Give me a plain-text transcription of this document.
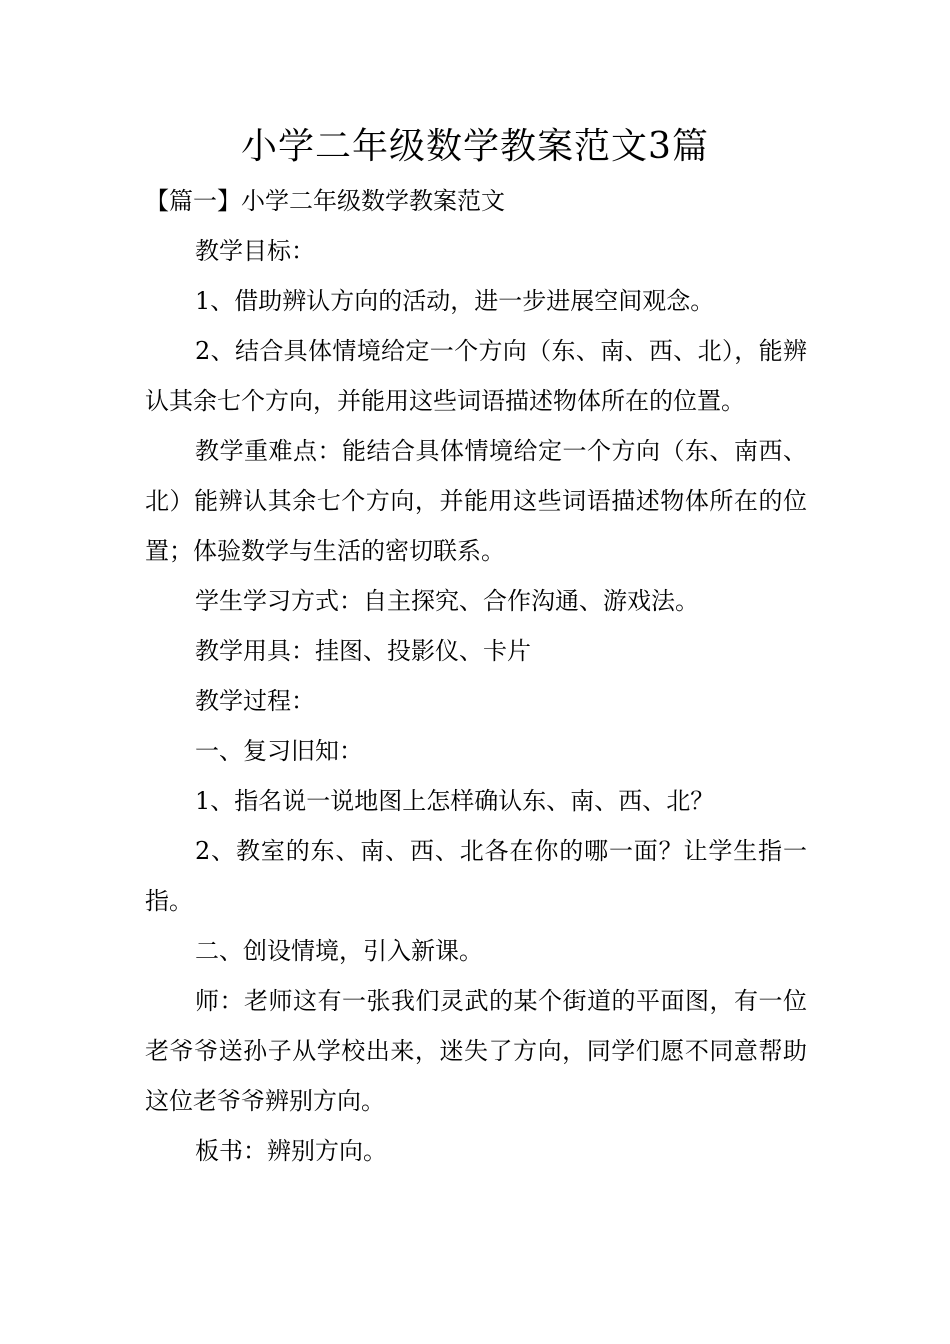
小学二年级数学教案范文3篇

【篇一】小学二年级数学教案范文

教学目标：

1、借助辨认方向的活动，进一步进展空间观念。

2、结合具体情境给定一个方向（东、南、西、北），能辨认其余七个方向，并能用这些词语描述物体所在的位置。

教学重难点：能结合具体情境给定一个方向（东、南西、北）能辨认其余七个方向，并能用这些词语描述物体所在的位置；体验数学与生活的密切联系。

学生学习方式：自主探究、合作沟通、游戏法。

教学用具：挂图、投影仪、卡片

教学过程：

一、复习旧知：

1、指名说一说地图上怎样确认东、南、西、北？

2、教室的东、南、西、北各在你的哪一面？让学生指一指。

二、创设情境，引入新课。

师：老师这有一张我们灵武的某个街道的平面图，有一位老爷爷送孙子从学校出来，迷失了方向，同学们愿不同意帮助这位老爷爷辨别方向。

板书：辨别方向。
